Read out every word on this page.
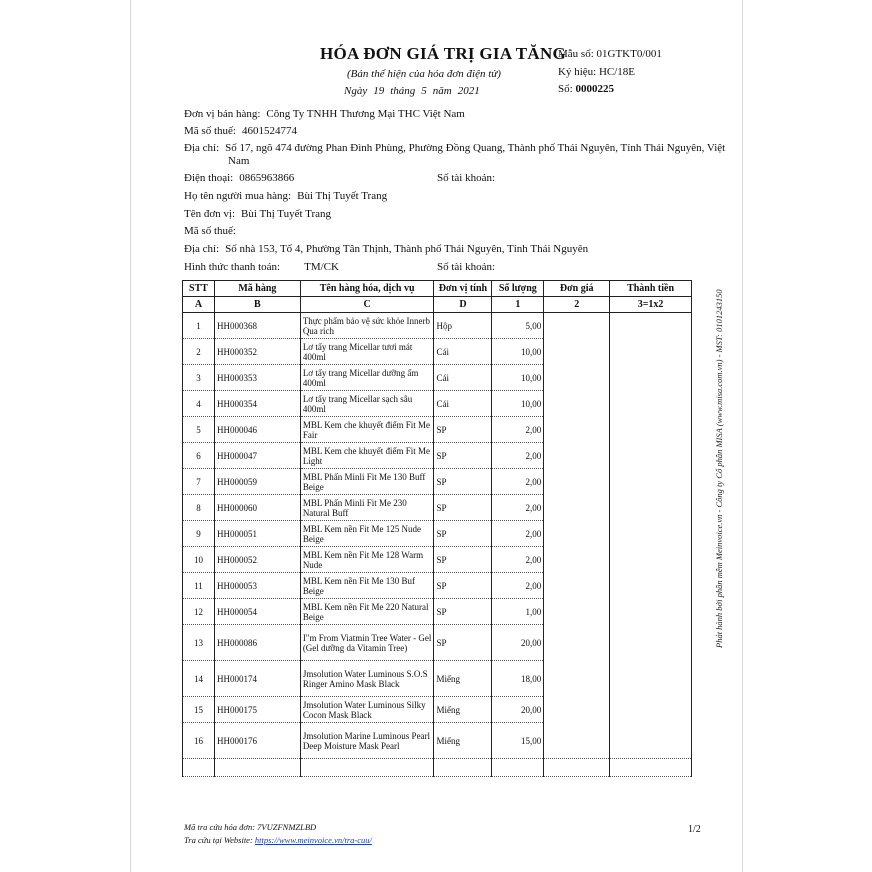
HÓA ĐƠN GIÁ TRỊ GIA TĂNG
(Bản thể hiện của hóa đơn điện tử)
Ngày 19 tháng 5 năm 2021
Mẫu số: 01GTKT0/001
Ký hiệu: HC/18E
Số: 0000225
Đơn vị bán hàng: Công Ty TNHH Thương Mại THC Việt Nam
Mã số thuế: 4601524774
Địa chỉ: Số 17, ngõ 474 đường Phan Đình Phùng, Phường Đồng Quang, Thành phố Thái Nguyên, Tỉnh Thái Nguyên, Việt Nam
Điện thoại: 0865963866	Số tài khoản:
Họ tên người mua hàng: Bùi Thị Tuyết Trang
Tên đơn vị: Bùi Thị Tuyết Trang
Mã số thuế:
Địa chỉ: Số nhà 153, Tổ 4, Phường Tân Thịnh, Thành phố Thái Nguyên, Tỉnh Thái Nguyên
Hình thức thanh toán: TM/CK	Số tài khoản:
STT	Mã hàng	Tên hàng hóa, dịch vụ	Đơn vị tính	Số lượng	Đơn giá	Thành tiền
A	B	C	D	1	2	3=1x2
1	HH000368	Thực phẩm bảo vệ sức khỏe Innerb Qua rich	Hộp	5,00		
2	HH000352	Lơ tẩy trang Micellar tươi mát 400ml	Cái	10,00		
3	HH000353	Lơ tẩy trang Micellar dưỡng ẩm 400ml	Cái	10,00		
4	HH000354	Lơ tẩy trang Micellar sạch sâu 400ml	Cái	10,00		
5	HH000046	MBL Kem che khuyết điểm Fit Me Fair	SP	2,00		
6	HH000047	MBL Kem che khuyết điểm Fit Me Light	SP	2,00		
7	HH000059	MBL Phấn Minli Fit Me 130 Buff Beige	SP	2,00		
8	HH000060	MBL Phấn Minli Fit Me 230 Natural Buff	SP	2,00		
9	HH000051	MBL Kem nền Fit Me 125 Nude Beige	SP	2,00		
10	HH000052	MBL Kem nền Fit Me 128 Warm Nude	SP	2,00		
11	HH000053	MBL Kem nền Fit Me 130 Buf Beige	SP	2,00		
12	HH000054	MBL Kem nền Fit Me 220 Natural Beige	SP	1,00		
13	HH000086	I"m From Viatmin Tree Water - Gel (Gel dưỡng da Vitamin Tree)	SP	20,00		
14	HH000174	Jmsolution Water Luminous S.O.S Ringer Amino Mask Black	Miếng	18,00		
15	HH000175	Jmsolution Water Luminous Silky Cocon Mask Black	Miếng	20,00		
16	HH000176	Jmsolution Marine Luminous Pearl Deep Moisture Mask Pearl	Miếng	15,00		

Phát hành bởi phần mềm Meinvoice.vn - Công ty Cổ phần MISA (www.misa.com.vn) - MST: 0101243150
Mã tra cứu hóa đơn: 7VUZFNMZLBD
Tra cứu tại Website: https://www.meinvoice.vn/tra-cuu/
1/2
